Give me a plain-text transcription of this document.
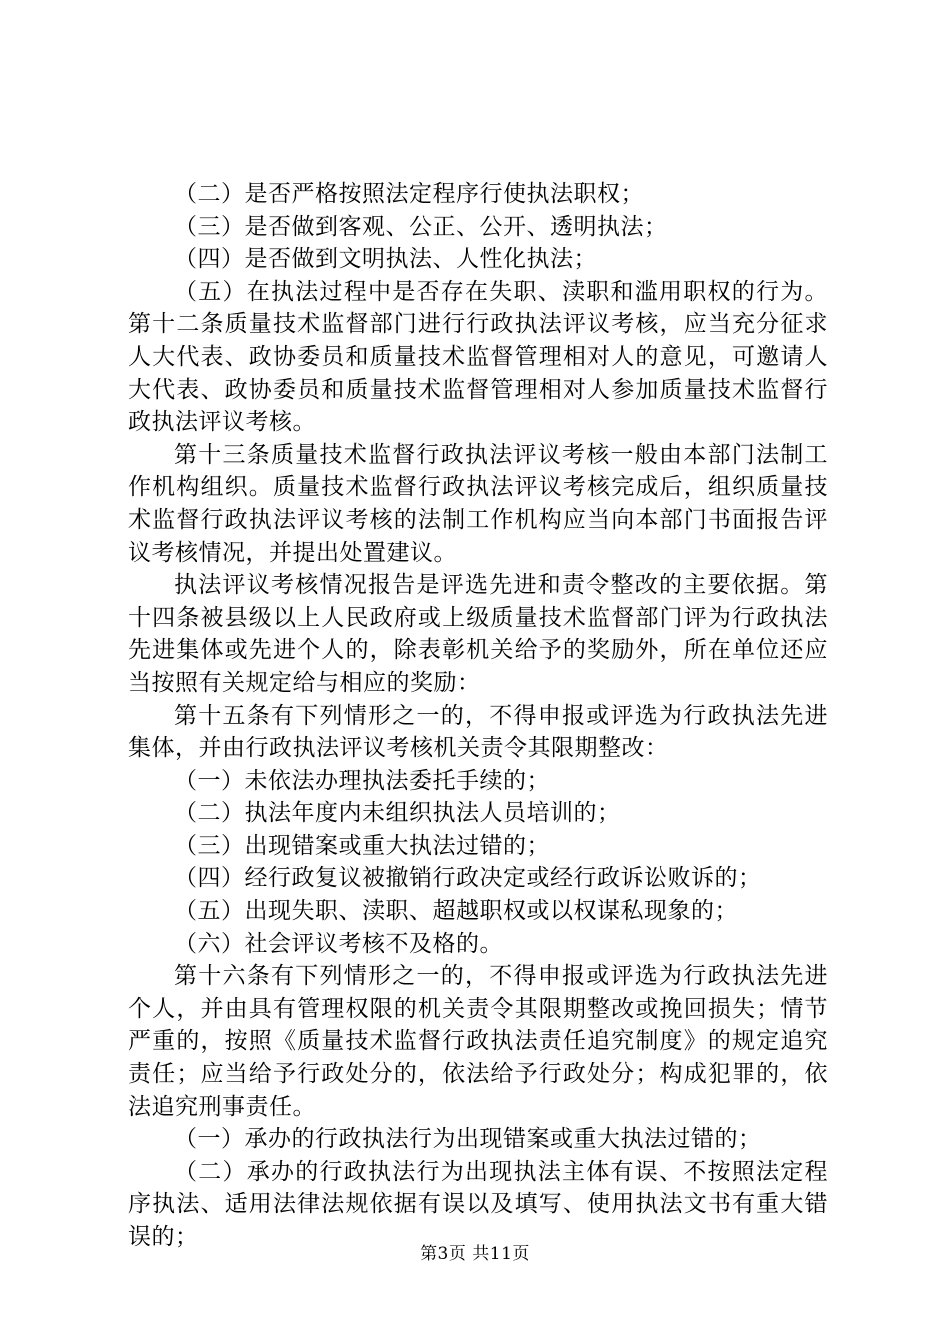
（二）是否严格按照法定程序行使执法职权；

（三）是否做到客观、公正、公开、透明执法；

（四）是否做到文明执法、人性化执法；

（五）在执法过程中是否存在失职、渎职和滥用职权的行为。第十二条质量技术监督部门进行行政执法评议考核，应当充分征求人大代表、政协委员和质量技术监督管理相对人的意见，可邀请人大代表、政协委员和质量技术监督管理相对人参加质量技术监督行政执法评议考核。

第十三条质量技术监督行政执法评议考核一般由本部门法制工作机构组织。质量技术监督行政执法评议考核完成后，组织质量技术监督行政执法评议考核的法制工作机构应当向本部门书面报告评议考核情况，并提出处置建议。

执法评议考核情况报告是评选先进和责令整改的主要依据。第十四条被县级以上人民政府或上级质量技术监督部门评为行政执法先进集体或先进个人的，除表彰机关给予的奖励外，所在单位还应当按照有关规定给与相应的奖励：

第十五条有下列情形之一的，不得申报或评选为行政执法先进集体，并由行政执法评议考核机关责令其限期整改：

（一）未依法办理执法委托手续的；

（二）执法年度内未组织执法人员培训的；

（三）出现错案或重大执法过错的；

（四）经行政复议被撤销行政决定或经行政诉讼败诉的；

（五）出现失职、渎职、超越职权或以权谋私现象的；

（六）社会评议考核不及格的。

第十六条有下列情形之一的，不得申报或评选为行政执法先进个人，并由具有管理权限的机关责令其限期整改或挽回损失；情节严重的，按照《质量技术监督行政执法责任追究制度》的规定追究责任；应当给予行政处分的，依法给予行政处分；构成犯罪的，依法追究刑事责任。

（一）承办的行政执法行为出现错案或重大执法过错的；

（二）承办的行政执法行为出现执法主体有误、不按照法定程序执法、适用法律法规依据有误以及填写、使用执法文书有重大错误的；

第3页 共11页
